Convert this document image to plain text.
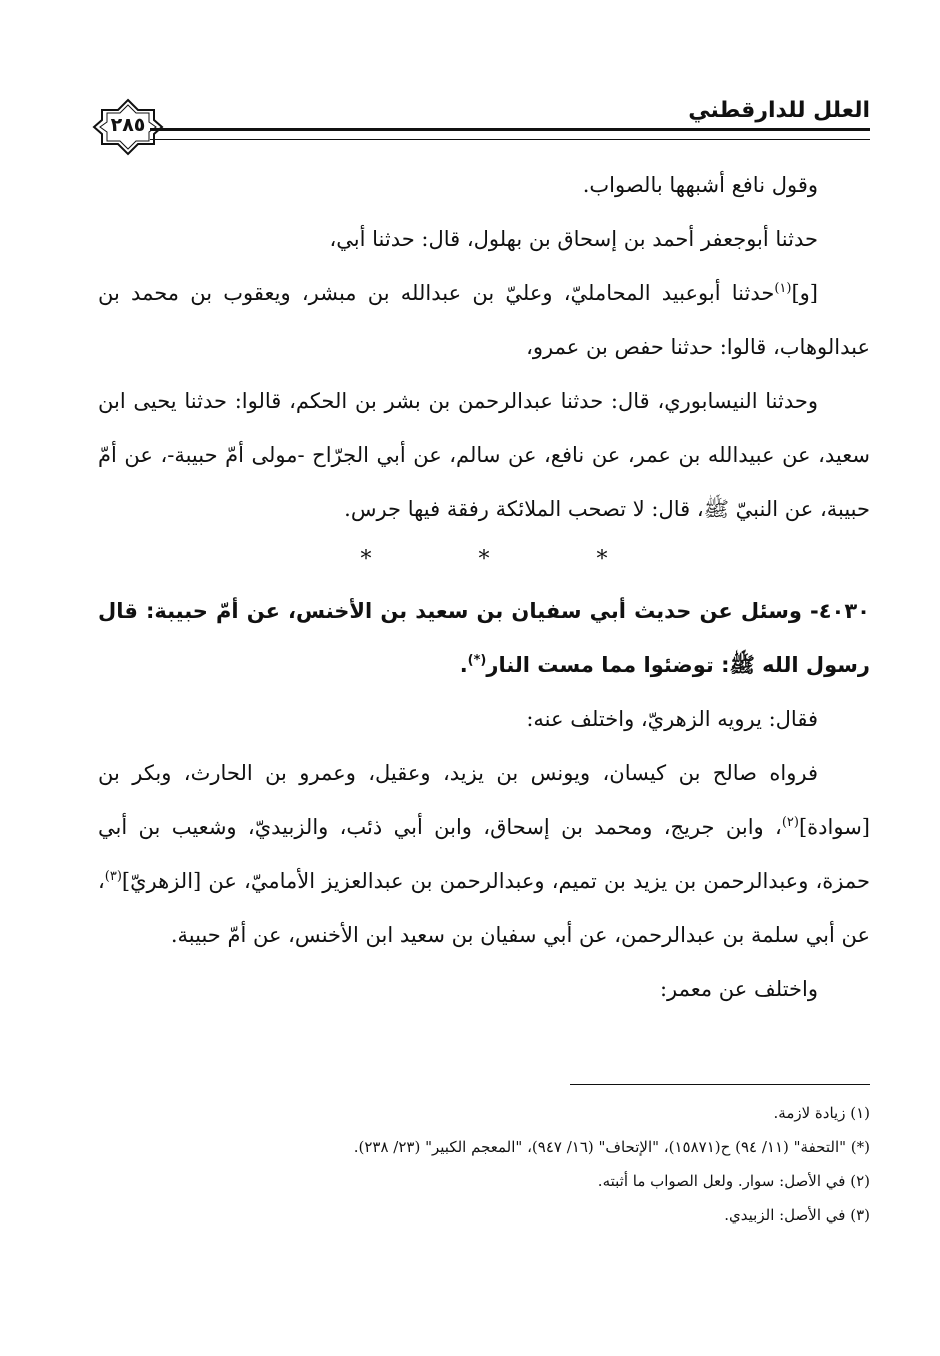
العلل للدارقطني
٢٨٥

وقول نافع أشبهها بالصواب.

حدثنا أبوجعفر أحمد بن إسحاق بن بهلول، قال: حدثنا أبي،

[و]$^{(١)}$حدثنا أبوعبيد المحامليّ، وعليّ بن عبدالله بن مبشر، ويعقوب بن محمد بن عبدالوهاب، قالوا: حدثنا حفص بن عمرو،

وحدثنا النيسابوري، قال: حدثنا عبدالرحمن بن بشر بن الحكم، قالوا: حدثنا يحيى ابن سعيد، عن عبيدالله بن عمر، عن نافع، عن سالم، عن أبي الجرّاح -مولى أمّ حبيبة-، عن أمّ حبيبة، عن النبيّ ﷺ، قال: لا تصحب الملائكة رفقة فيها جرس.

* * *

٤٠٣٠- وسئل عن حديث أبي سفيان بن سعيد بن الأخنس، عن أمّ حبيبة: قال رسول الله ﷺ: توضئوا مما مست النار(*).

فقال: يرويه الزهريّ، واختلف عنه:

فرواه صالح بن كيسان، ويونس بن يزيد، وعقيل، وعمرو بن الحارث، وبكر بن [سوادة]$^{(٢)}$، وابن جريج، ومحمد بن إسحاق، وابن أبي ذئب، والزبيديّ، وشعيب بن أبي حمزة، وعبدالرحمن بن يزيد بن تميم، وعبدالرحمن بن عبدالعزيز الأماميّ، عن [الزهريّ]$^{(٣)}$، عن أبي سلمة بن عبدالرحمن، عن أبي سفيان بن سعيد ابن الأخنس، عن أمّ حبيبة.

واختلف عن معمر:

(١) زيادة لازمة.

(*) "التحفة" (١١/ ٩٤) ح(١٥٨٧١)، "الإتحاف" (١٦/ ٩٤٧)، "المعجم الكبير" (٢٣/ ٢٣٨).

(٢) في الأصل: سوار. ولعل الصواب ما أثبته.

(٣) في الأصل: الزبيدي.
